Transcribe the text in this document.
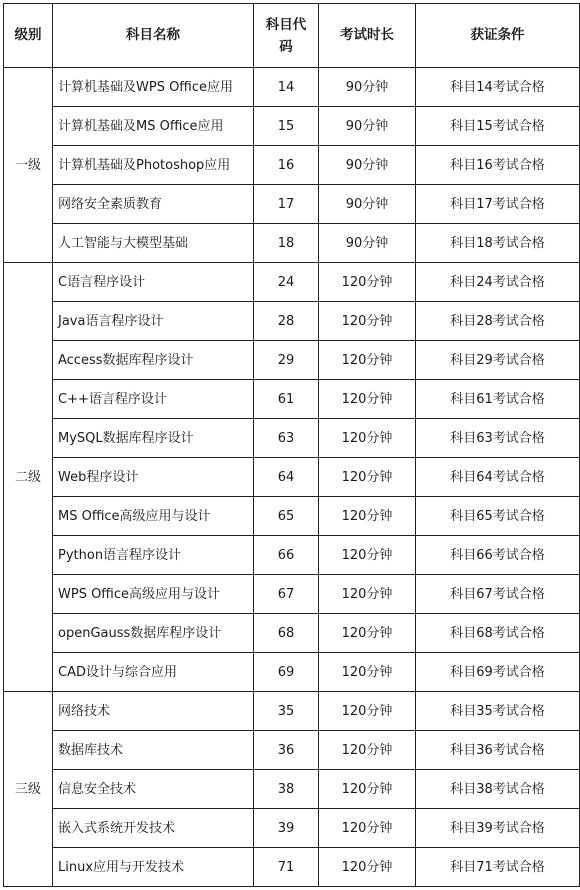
级别	科目名称	科目代码	考试时长	获证条件
一级	计算机基础及WPS Office应用	14	90分钟	科目14考试合格
	计算机基础及MS Office应用	15	90分钟	科目15考试合格
	计算机基础及Photoshop应用	16	90分钟	科目16考试合格
	网络安全素质教育	17	90分钟	科目17考试合格
	人工智能与大模型基础	18	90分钟	科目18考试合格
二级	C语言程序设计	24	120分钟	科目24考试合格
	Java语言程序设计	28	120分钟	科目28考试合格
	Access数据库程序设计	29	120分钟	科目29考试合格
	C++语言程序设计	61	120分钟	科目61考试合格
	MySQL数据库程序设计	63	120分钟	科目63考试合格
	Web程序设计	64	120分钟	科目64考试合格
	MS Office高级应用与设计	65	120分钟	科目65考试合格
	Python语言程序设计	66	120分钟	科目66考试合格
	WPS Office高级应用与设计	67	120分钟	科目67考试合格
	openGauss数据库程序设计	68	120分钟	科目68考试合格
	CAD设计与综合应用	69	120分钟	科目69考试合格
三级	网络技术	35	120分钟	科目35考试合格
	数据库技术	36	120分钟	科目36考试合格
	信息安全技术	38	120分钟	科目38考试合格
	嵌入式系统开发技术	39	120分钟	科目39考试合格
	Linux应用与开发技术	71	120分钟	科目71考试合格
